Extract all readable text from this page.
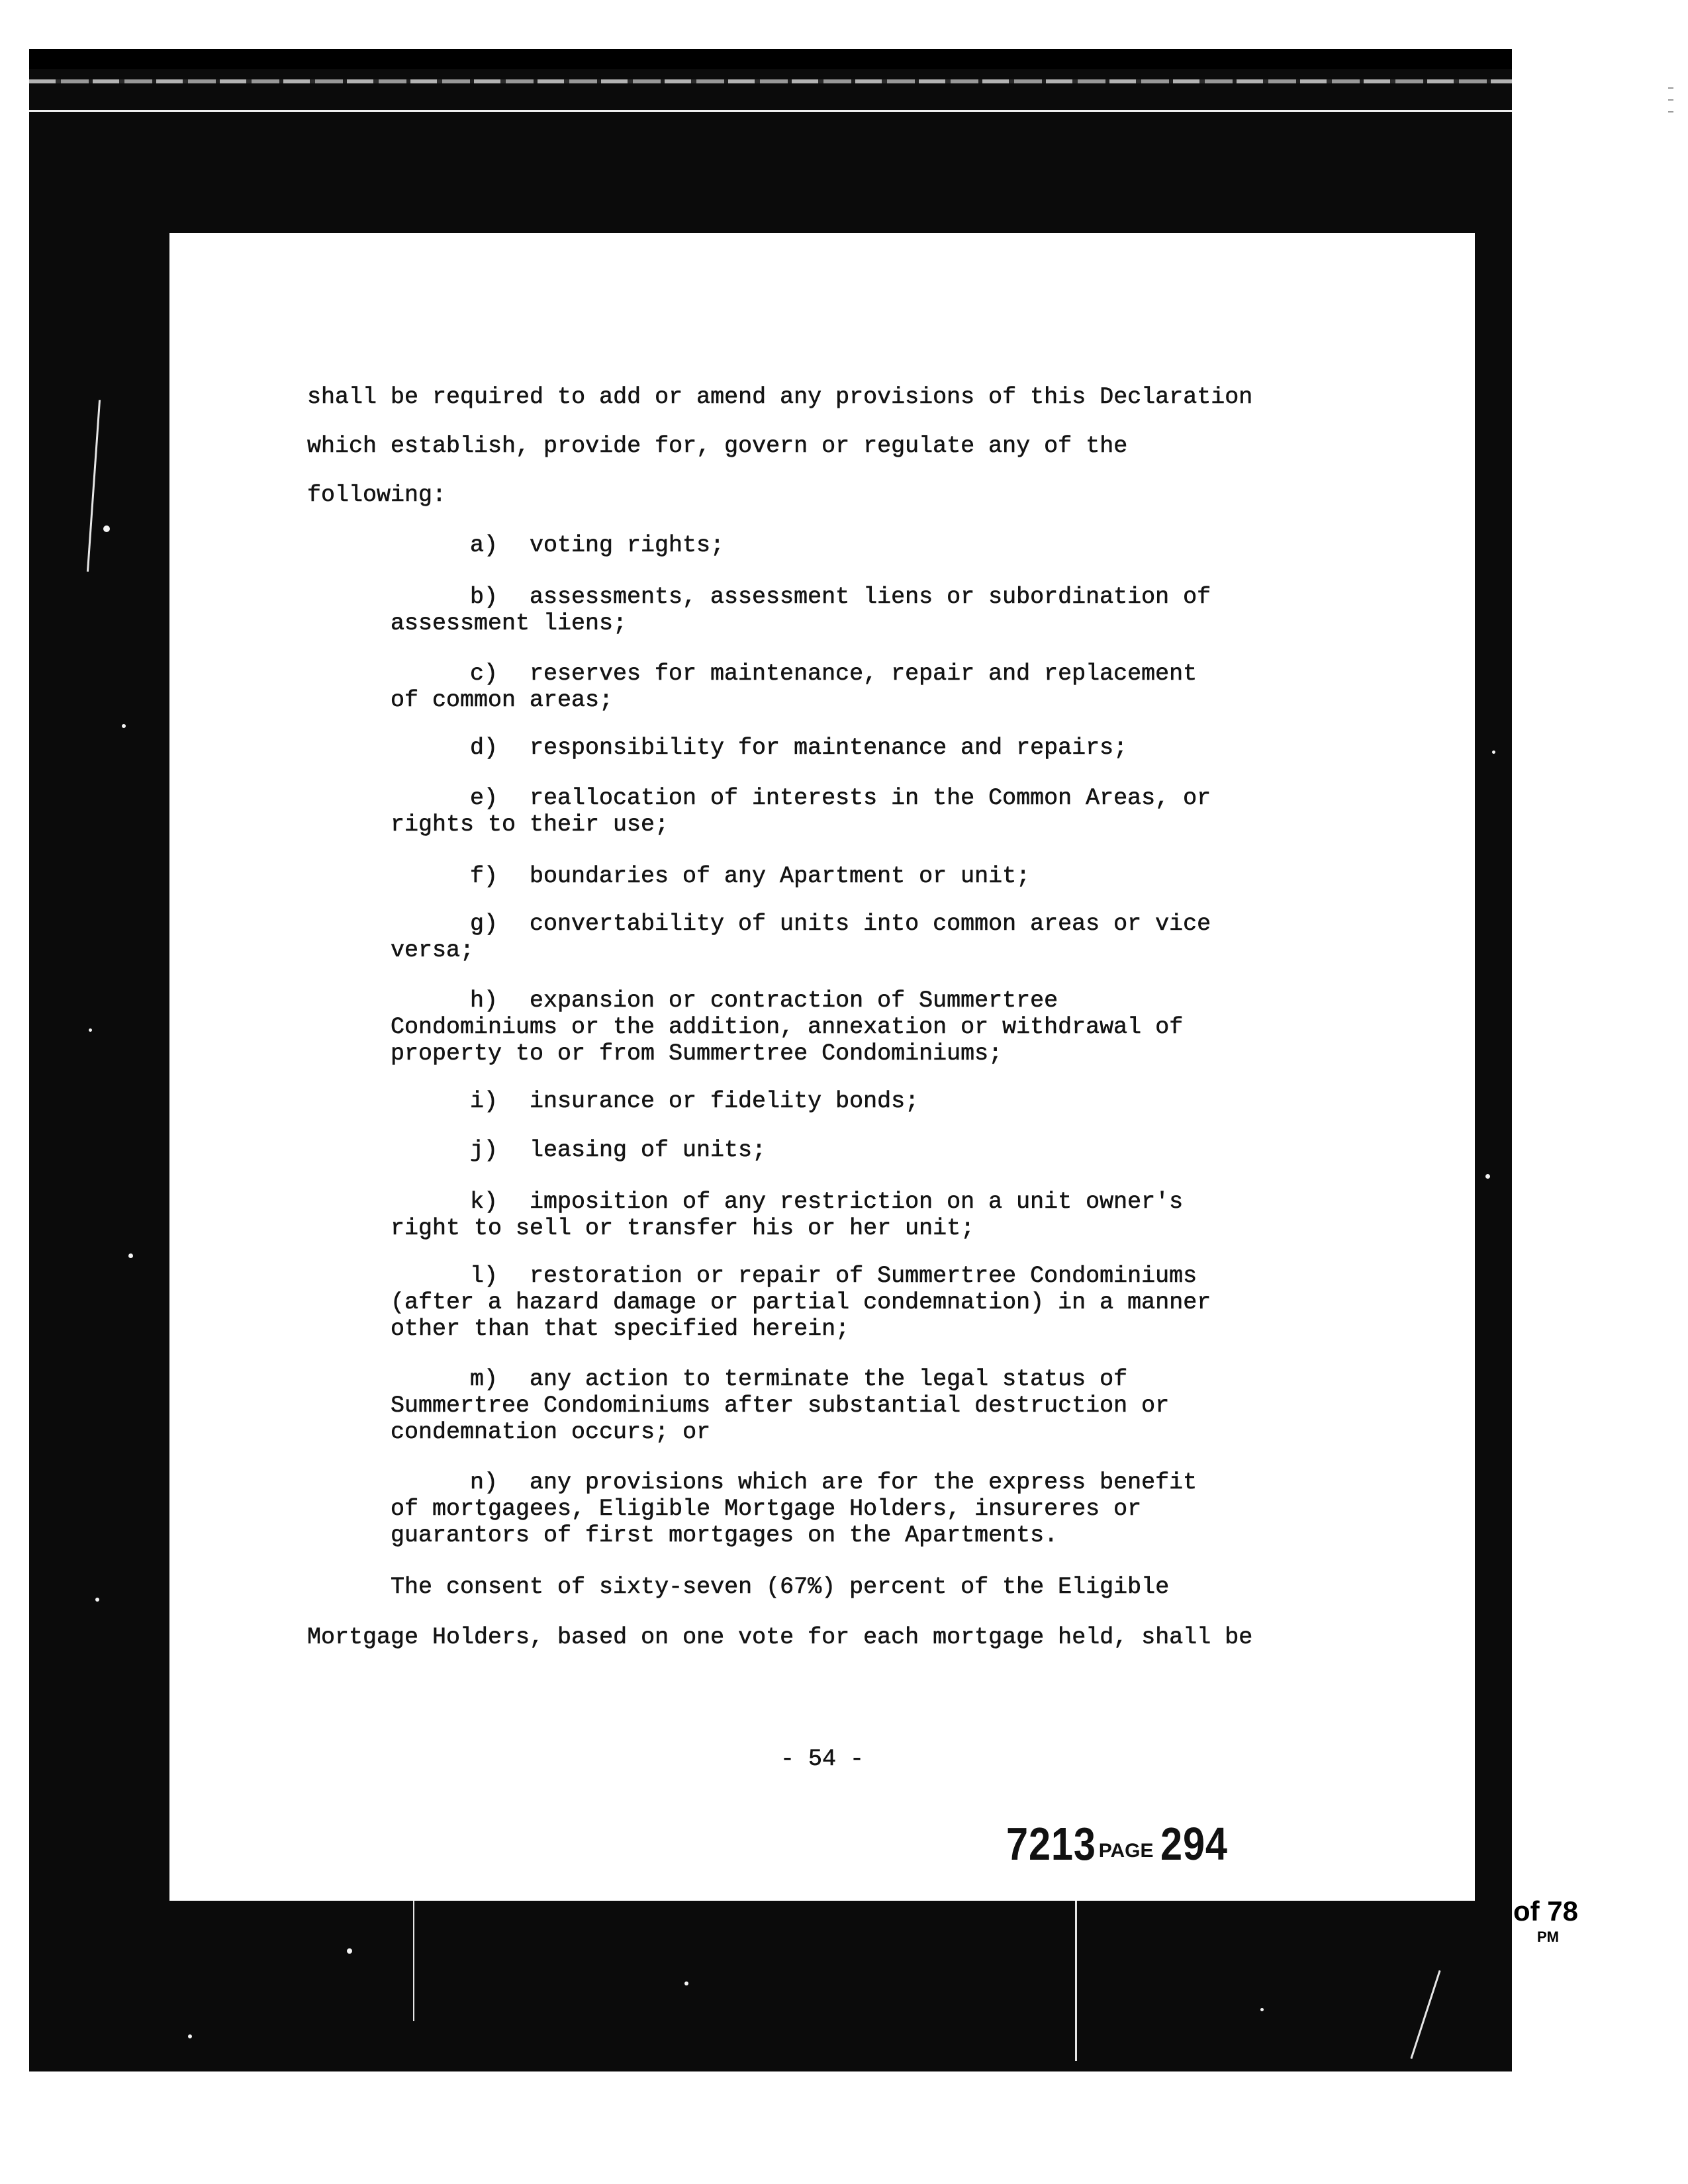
shall be required to add or amend any provisions of this Declaration

which establish, provide for, govern or regulate any of the

following:

a)	voting rights;
b)	assessments, assessment liens or subordination of
assessment liens;
c)	reserves for maintenance, repair and replacement
of common areas;
d)	responsibility for maintenance and repairs;
e)	reallocation of interests in the Common Areas, or
rights to their use;
f)	boundaries of any Apartment or unit;
g)	convertability of units into common areas or vice
versa;
h)	expansion or contraction of Summertree
Condominiums or the addition, annexation or withdrawal of
property to or from Summertree Condominiums;
i)	insurance or fidelity bonds;
j)	leasing of units;
k)	imposition of any restriction on a unit owner's
right to sell or transfer his or her unit;
l)	restoration or repair of Summertree Condominiums
(after a hazard damage or partial condemnation) in a manner
other than that specified herein;
m)	any action to terminate the legal status of
Summertree Condominiums after substantial destruction or
condemnation occurs; or
n)	any provisions which are for the express benefit
of mortgagees, Eligible Mortgage Holders, insureres or
guarantors of first mortgages on the Apartments.

The consent of sixty-seven (67%) percent of the Eligible

Mortgage Holders, based on one vote for each mortgage held, shall be

- 54 -

7213 PAGE 294

of 78

PM
